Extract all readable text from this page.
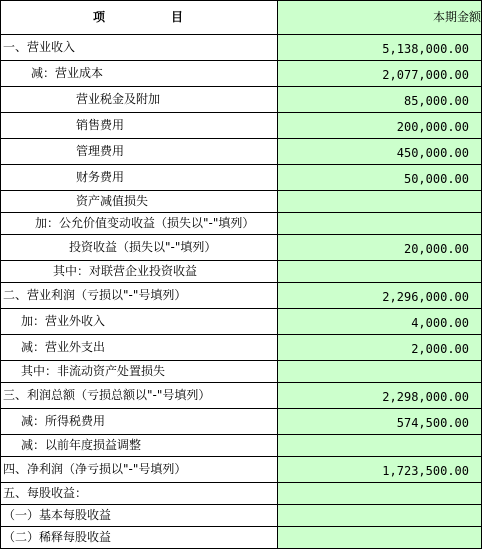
项 目	本期金额
一、营业收入	5,138,000.00
减：营业成本	2,077,000.00
营业税金及附加	85,000.00
销售费用	200,000.00
管理费用	450,000.00
财务费用	50,000.00
资产减值损失	
加：公允价值变动收益（损失以"-"填列）	
投资收益（损失以"-"填列）	20,000.00
其中：对联营企业投资收益	
二、营业利润（亏损以"-"号填列）	2,296,000.00
加：营业外收入	4,000.00
减：营业外支出	2,000.00
其中：非流动资产处置损失	
三、利润总额（亏损总额以"-"号填列）	2,298,000.00
减：所得税费用	574,500.00
减：以前年度损益调整	
四、净利润（净亏损以"-"号填列）	1,723,500.00
五、每股收益：	
（一）基本每股收益	
（二）稀释每股收益	
